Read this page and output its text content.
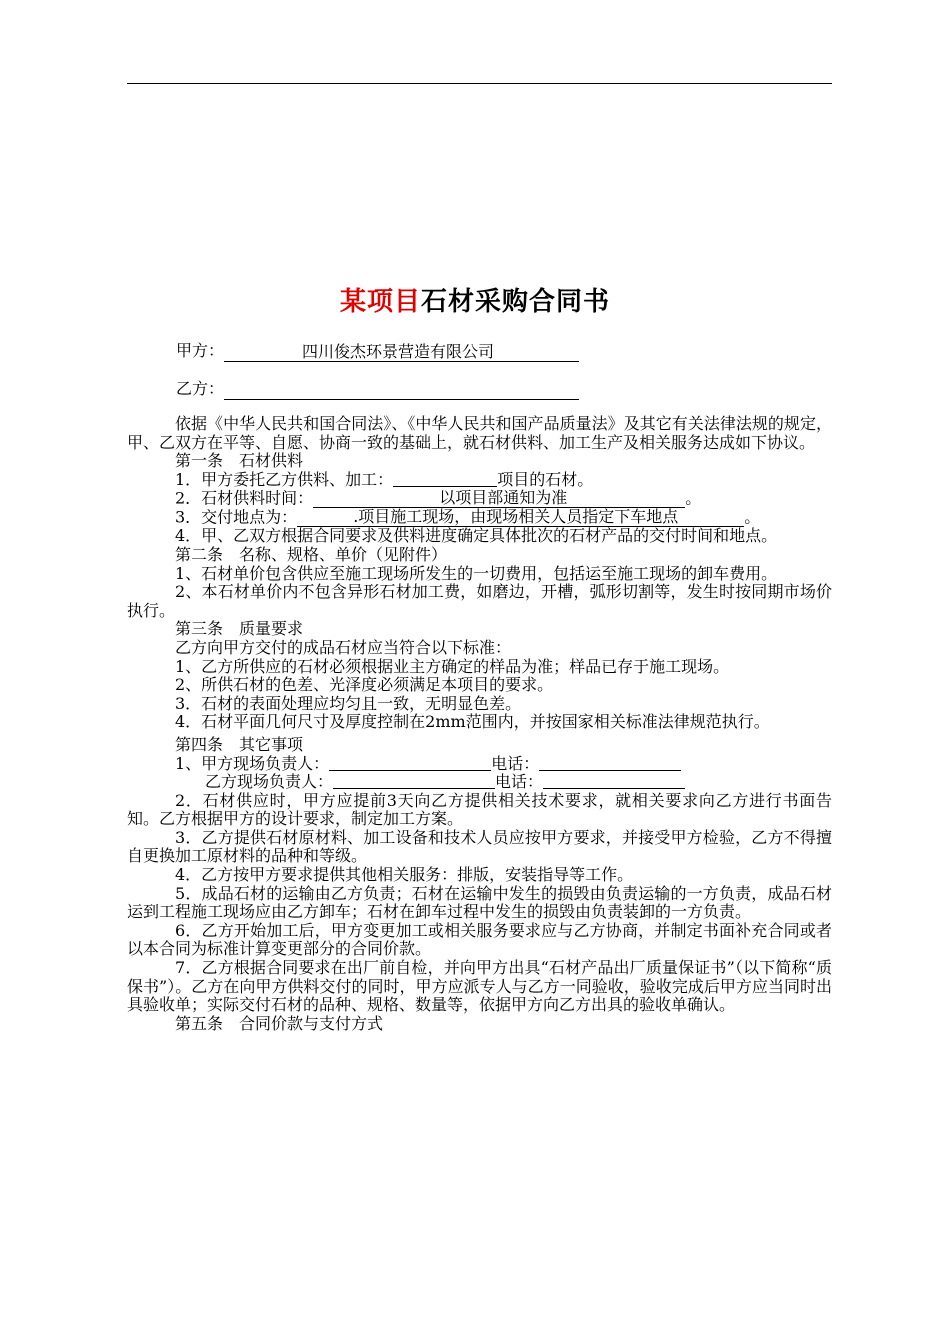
某项目石材采购合同书
甲方：	四川俊杰环景营造有限公司
乙方：

依据《中华人民共和国合同法》、《中华人民共和国产品质量法》及其它有关法律法规的规定，甲、乙双方在平等、自愿、协商一致的基础上，就石材供料、加工生产及相关服务达成如下协议。

第一条　石材供料

1．甲方委托乙方供料、加工：	项目的石材。

2．石材供料时间：	以项目部通知为准	。

3．交付地点为：	.项目施工现场，由现场相关人员指定下车地点	。

4．甲、乙双方根据合同要求及供料进度确定具体批次的石材产品的交付时间和地点。

第二条　名称、规格、单价（见附件）

1、石材单价包含供应至施工现场所发生的一切费用，包括运至施工现场的卸车费用。

2、本石材单价内不包含异形石材加工费，如磨边，开槽，弧形切割等，发生时按同期市场价执行。

第三条　质量要求

乙方向甲方交付的成品石材应当符合以下标准：

1、乙方所供应的石材必须根据业主方确定的样品为准；样品已存于施工现场。

2、所供石材的色差、光泽度必须满足本项目的要求。

3．石材的表面处理应均匀且一致，无明显色差。

4．石材平面几何尺寸及厚度控制在2mm范围内，并按国家相关标准法律规范执行。

第四条　其它事项

1、甲方现场负责人：	电话：

乙方现场负责人：	电话：

2．石材供应时，甲方应提前3天向乙方提供相关技术要求，就相关要求向乙方进行书面告知。乙方根据甲方的设计要求，制定加工方案。

3．乙方提供石材原材料、加工设备和技术人员应按甲方要求，并接受甲方检验，乙方不得擅自更换加工原材料的品种和等级。

4．乙方按甲方要求提供其他相关服务：排版，安装指导等工作。

5．成品石材的运输由乙方负责；石材在运输中发生的损毁由负责运输的一方负责，成品石材运到工程施工现场应由乙方卸车；石材在卸车过程中发生的损毁由负责装卸的一方负责。

6．乙方开始加工后，甲方变更加工或相关服务要求应与乙方协商，并制定书面补充合同或者以本合同为标准计算变更部分的合同价款。

7．乙方根据合同要求在出厂前自检，并向甲方出具“石材产品出厂质量保证书”（以下简称“质保书”）。乙方在向甲方供料交付的同时，甲方应派专人与乙方一同验收，验收完成后甲方应当同时出具验收单；实际交付石材的品种、规格、数量等，依据甲方向乙方出具的验收单确认。

第五条　合同价款与支付方式
